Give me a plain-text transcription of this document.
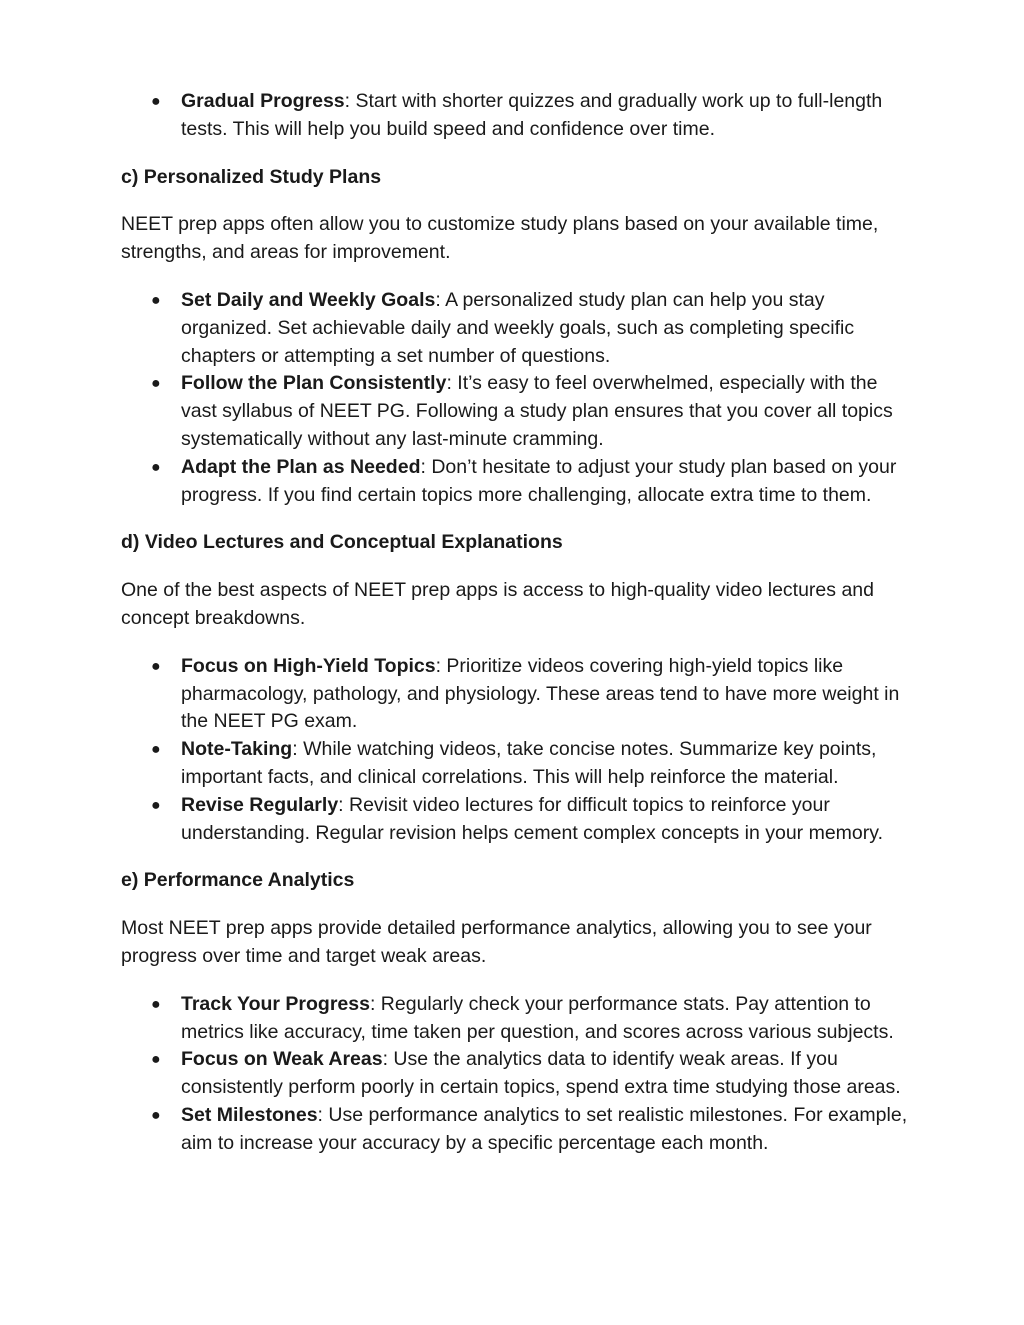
● Gradual Progress: Start with shorter quizzes and gradually work up to full-length tests. This will help you build speed and confidence over time.

c) Personalized Study Plans

NEET prep apps often allow you to customize study plans based on your available time, strengths, and areas for improvement.

● Set Daily and Weekly Goals: A personalized study plan can help you stay organized. Set achievable daily and weekly goals, such as completing specific chapters or attempting a set number of questions.
● Follow the Plan Consistently: It’s easy to feel overwhelmed, especially with the vast syllabus of NEET PG. Following a study plan ensures that you cover all topics systematically without any last-minute cramming.
● Adapt the Plan as Needed: Don’t hesitate to adjust your study plan based on your progress. If you find certain topics more challenging, allocate extra time to them.

d) Video Lectures and Conceptual Explanations

One of the best aspects of NEET prep apps is access to high-quality video lectures and concept breakdowns.

● Focus on High-Yield Topics: Prioritize videos covering high-yield topics like pharmacology, pathology, and physiology. These areas tend to have more weight in the NEET PG exam.
● Note-Taking: While watching videos, take concise notes. Summarize key points, important facts, and clinical correlations. This will help reinforce the material.
● Revise Regularly: Revisit video lectures for difficult topics to reinforce your understanding. Regular revision helps cement complex concepts in your memory.

e) Performance Analytics

Most NEET prep apps provide detailed performance analytics, allowing you to see your progress over time and target weak areas.

● Track Your Progress: Regularly check your performance stats. Pay attention to metrics like accuracy, time taken per question, and scores across various subjects.
● Focus on Weak Areas: Use the analytics data to identify weak areas. If you consistently perform poorly in certain topics, spend extra time studying those areas.
● Set Milestones: Use performance analytics to set realistic milestones. For example, aim to increase your accuracy by a specific percentage each month.
